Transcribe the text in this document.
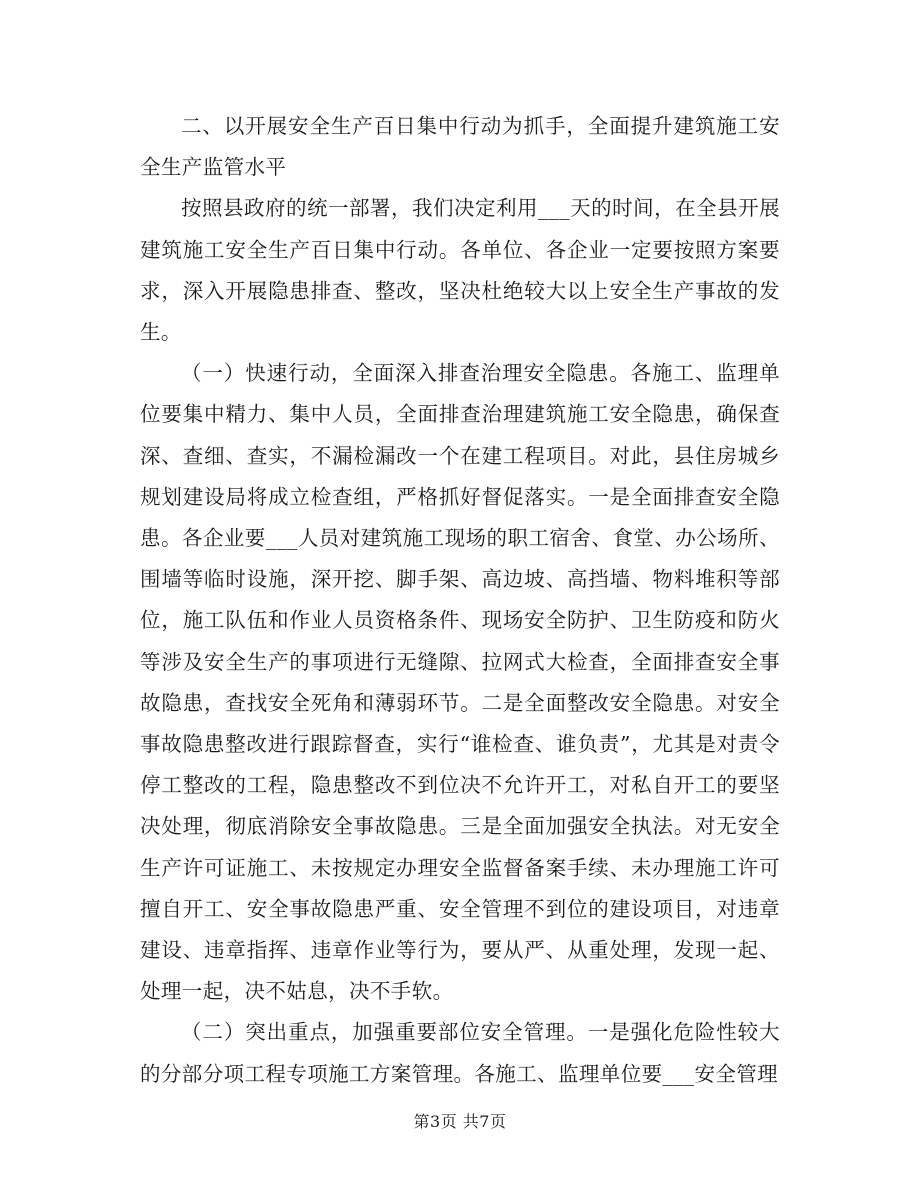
二、以开展安全生产百日集中行动为抓手，全面提升建筑施工安全生产监管水平

按照县政府的统一部署，我们决定利用___天的时间，在全县开展建筑施工安全生产百日集中行动。各单位、各企业一定要按照方案要求，深入开展隐患排查、整改，坚决杜绝较大以上安全生产事故的发生。

（一）快速行动，全面深入排查治理安全隐患。各施工、监理单位要集中精力、集中人员，全面排查治理建筑施工安全隐患，确保查深、查细、查实，不漏检漏改一个在建工程项目。对此，县住房城乡规划建设局将成立检查组，严格抓好督促落实。一是全面排查安全隐患。各企业要___人员对建筑施工现场的职工宿舍、食堂、办公场所、围墙等临时设施，深开挖、脚手架、高边坡、高挡墙、物料堆积等部位，施工队伍和作业人员资格条件、现场安全防护、卫生防疫和防火等涉及安全生产的事项进行无缝隙、拉网式大检查，全面排查安全事故隐患，查找安全死角和薄弱环节。二是全面整改安全隐患。对安全事故隐患整改进行跟踪督查，实行“谁检查、谁负责”，尤其是对责令停工整改的工程，隐患整改不到位决不允许开工，对私自开工的要坚决处理，彻底消除安全事故隐患。三是全面加强安全执法。对无安全生产许可证施工、未按规定办理安全监督备案手续、未办理施工许可擅自开工、安全事故隐患严重、安全管理不到位的建设项目，对违章建设、违章指挥、违章作业等行为，要从严、从重处理，发现一起、处理一起，决不姑息，决不手软。

（二）突出重点，加强重要部位安全管理。一是强化危险性较大的分部分项工程专项施工方案管理。各施工、监理单位要___安全管理

第3页 共7页
